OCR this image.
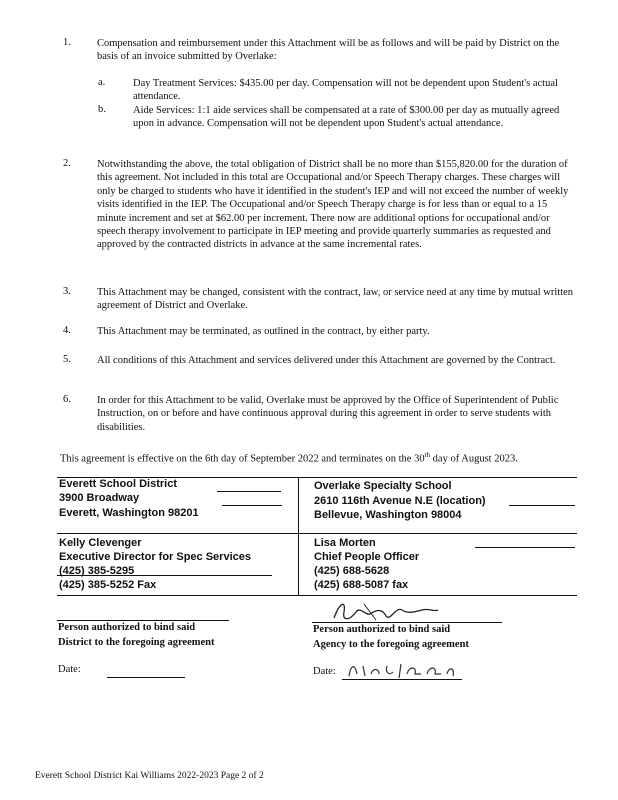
1. Compensation and reimbursement under this Attachment will be as follows and will be paid by District on the basis of an invoice submitted by Overlake:
a.	Day Treatment Services: $435.00 per day. Compensation will not be dependent upon Student's actual attendance.
b.	Aide Services: 1:1 aide services shall be compensated at a rate of $300.00 per day as mutually agreed upon in advance. Compensation will not be dependent upon Student's actual attendance.
2. Notwithstanding the above, the total obligation of District shall be no more than $155,820.00 for the duration of this agreement. Not included in this total are Occupational and/or Speech Therapy charges. These charges will only be charged to students who have it identified in the student's IEP and will not exceed the number of weekly visits identified in the IEP. The Occupational and/or Speech Therapy charge is for less than or equal to a 15 minute increment and set at $62.00 per increment. There now are additional options for occupational and/or speech therapy involvement to participate in IEP meeting and provide quarterly summaries as requested and approved by the contracted districts in advance at the same incremental rates.
3. This Attachment may be changed, consistent with the contract, law, or service need at any time by mutual written agreement of District and Overlake.
4. This Attachment may be terminated, as outlined in the contract, by either party.
5. All conditions of this Attachment and services delivered under this Attachment are governed by the Contract.
6. In order for this Attachment to be valid, Overlake must be approved by the Office of Superintendent of Public Instruction, on or before and have continuous approval during this agreement in order to serve students with disabilities.
This agreement is effective on the 6th day of September 2022 and terminates on the 30th day of August 2023.
Everett School District
3900 Broadway
Everett, Washington 98201
Kelly Clevenger
Executive Director for Spec Services
(425) 385-5295
(425) 385-5252 Fax
Overlake Specialty School
2610 116th Avenue N.E (location)
Bellevue, Washington 98004
Lisa Morten
Chief People Officer
(425) 688-5628
(425) 688-5087 fax
Person authorized to bind said
District to the foregoing agreement
Person authorized to bind said
Agency to the foregoing agreement
Date:	Date:
Everett School District Kai Williams 2022-2023 Page 2 of 2
